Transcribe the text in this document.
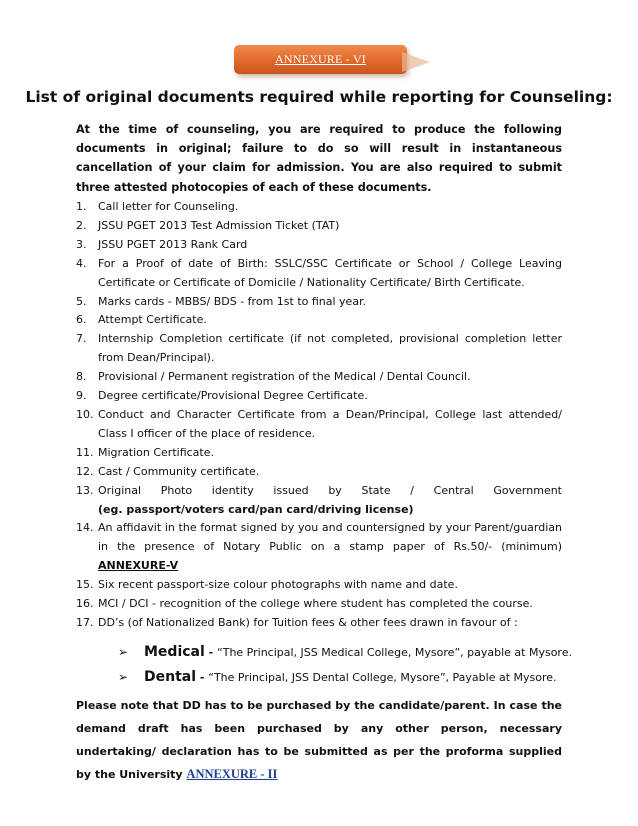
ANNEXURE - VI
List of original documents required while reporting for Counseling:
At the time of counseling, you are required to produce the following documents in original; failure to do so will result in instantaneous cancellation of your claim for admission. You are also required to submit three attested photocopies of each of these documents.
1. Call letter for Counseling.
2. JSSU PGET 2013 Test Admission Ticket (TAT)
3. JSSU PGET 2013 Rank Card
4. For a Proof of date of Birth: SSLC/SSC Certificate or School / College Leaving Certificate or Certificate of Domicile / Nationality Certificate/ Birth Certificate.
5. Marks cards - MBBS/ BDS - from 1st to final year.
6. Attempt Certificate.
7. Internship Completion certificate (if not completed, provisional completion letter from Dean/Principal).
8. Provisional / Permanent registration of the Medical / Dental Council.
9. Degree certificate/Provisional Degree Certificate.
10. Conduct and Character Certificate from a Dean/Principal, College last attended/ Class I officer of the place of residence.
11. Migration Certificate.
12. Cast / Community certificate.
13. Original Photo identity issued by State / Central Government
(eg. passport/voters card/pan card/driving license)
14. An affidavit in the format signed by you and countersigned by your Parent/guardian in the presence of Notary Public on a stamp paper of Rs.50/- (minimum) ANNEXURE-V
15. Six recent passport-size colour photographs with name and date.
16. MCI / DCI - recognition of the college where student has completed the course.
17. DD’s (of Nationalized Bank) for Tuition fees & other fees drawn in favour of :
➢ Medical - “The Principal, JSS Medical College, Mysore”, payable at Mysore.
➢ Dental - “The Principal, JSS Dental College, Mysore”, Payable at Mysore.
Please note that DD has to be purchased by the candidate/parent. In case the demand draft has been purchased by any other person, necessary undertaking/ declaration has to be submitted as per the proforma supplied by the University ANNEXURE - II
